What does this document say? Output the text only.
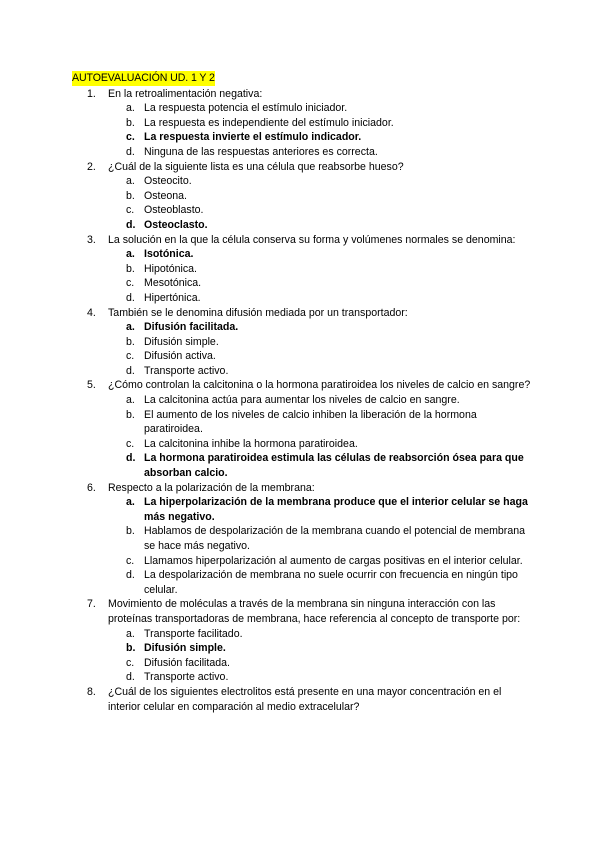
AUTOEVALUACIÓN UD. 1 Y 2
1. En la retroalimentación negativa:
a. La respuesta potencia el estímulo iniciador.
b. La respuesta es independiente del estímulo iniciador.
c. La respuesta invierte el estímulo indicador.
d. Ninguna de las respuestas anteriores es correcta.
2. ¿Cuál de la siguiente lista es una célula que reabsorbe hueso?
a. Osteocito.
b. Osteona.
c. Osteoblasto.
d. Osteoclasto.
3. La solución en la que la célula conserva su forma y volúmenes normales se denomina:
a. Isotónica.
b. Hipotónica.
c. Mesotónica.
d. Hipertónica.
4. También se le denomina difusión mediada por un transportador:
a. Difusión facilitada.
b. Difusión simple.
c. Difusión activa.
d. Transporte activo.
5. ¿Cómo controlan la calcitonina o la hormona paratiroidea los niveles de calcio en sangre?
a. La calcitonina actúa para aumentar los niveles de calcio en sangre.
b. El aumento de los niveles de calcio inhiben la liberación de la hormona paratiroidea.
c. La calcitonina inhibe la hormona paratiroidea.
d. La hormona paratiroidea estimula las células de reabsorción ósea para que absorban calcio.
6. Respecto a la polarización de la membrana:
a. La hiperpolarización de la membrana produce que el interior celular se haga más negativo.
b. Hablamos de despolarización de la membrana cuando el potencial de membrana se hace más negativo.
c. Llamamos hiperpolarización al aumento de cargas positivas en el interior celular.
d. La despolarización de membrana no suele ocurrir con frecuencia en ningún tipo celular.
7. Movimiento de moléculas a través de la membrana sin ninguna interacción con las proteínas transportadoras de membrana, hace referencia al concepto de transporte por:
a. Transporte facilitado.
b. Difusión simple.
c. Difusión facilitada.
d. Transporte activo.
8. ¿Cuál de los siguientes electrolitos está presente en una mayor concentración en el interior celular en comparación al medio extracelular?
